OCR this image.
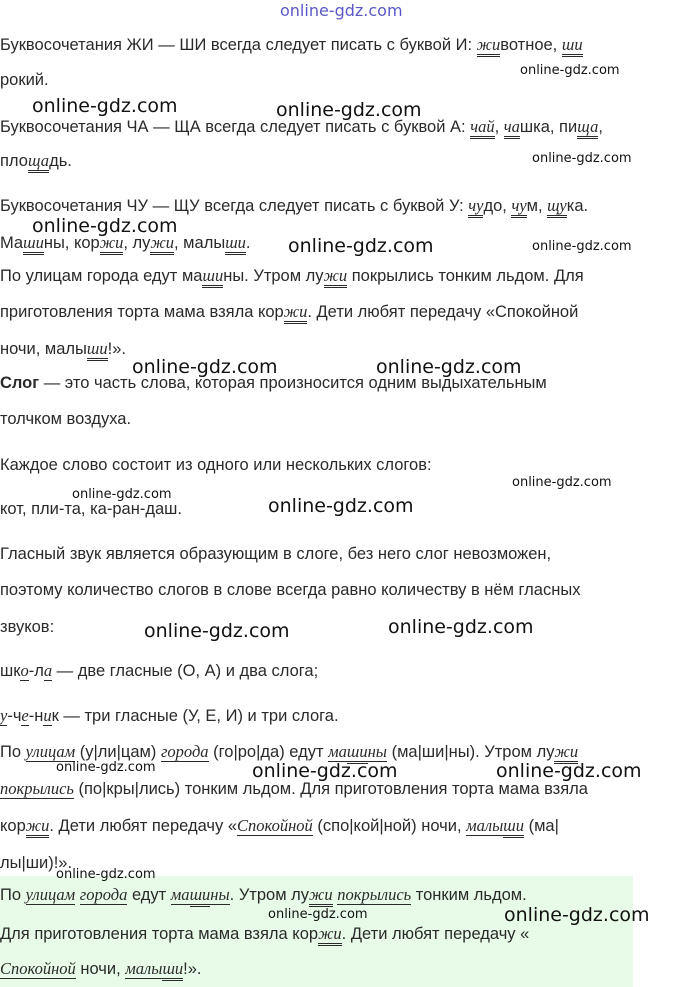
online-gdz.com
Буквосочетания ЖИ — ШИ всегда следует писать с буквой И: животное, ши
рокий.
Буквосочетания ЧА — ЩА всегда следует писать с буквой А: чай, чашка, пища,
площадь.
Буквосочетания ЧУ — ЩУ всегда следует писать с буквой У: чудо, чум, щука.
Машины, коржи, лужи, малыши.
По улицам города едут машины. Утром лужи покрылись тонким льдом. Для
приготовления торта мама взяла коржи. Дети любят передачу «Спокойной
ночи, малыши!».
Слог — это часть слова, которая произносится одним выдыхательным
толчком воздуха.
Каждое слово состоит из одного или нескольких слогов:
кот, пли-та, ка-ран-даш.
Гласный звук является образующим в слоге, без него слог невозможен,
поэтому количество слогов в слове всегда равно количеству в нём гласных
звуков:
шко-ла — две гласные (О, А) и два слога;
у-че-ник — три гласные (У, Е, И) и три слога.
По улицам (у|ли|цам) города (го|ро|да) едут машины (ма|ши|ны). Утром лужи
покрылись (по|кры|лись) тонким льдом. Для приготовления торта мама взяла
коржи. Дети любят передачу «Спокойной (спо|кой|ной) ночи, малыши (ма|
лы|ши)!».
По улицам города едут машины. Утром лужи покрылись тонким льдом.
Для приготовления торта мама взяла коржи. Дети любят передачу «
Спокойной ночи, малыши!».
online-gdz.com
online-gdz.com	online-gdz.com
online-gdz.com
online-gdz.com
online-gdz.com	online-gdz.com
online-gdz.com	online-gdz.com
online-gdz.com
online-gdz.com
online-gdz.com
online-gdz.com	online-gdz.com
online-gdz.com	online-gdz.com	online-gdz.com
online-gdz.com
online-gdz.com	online-gdz.com
